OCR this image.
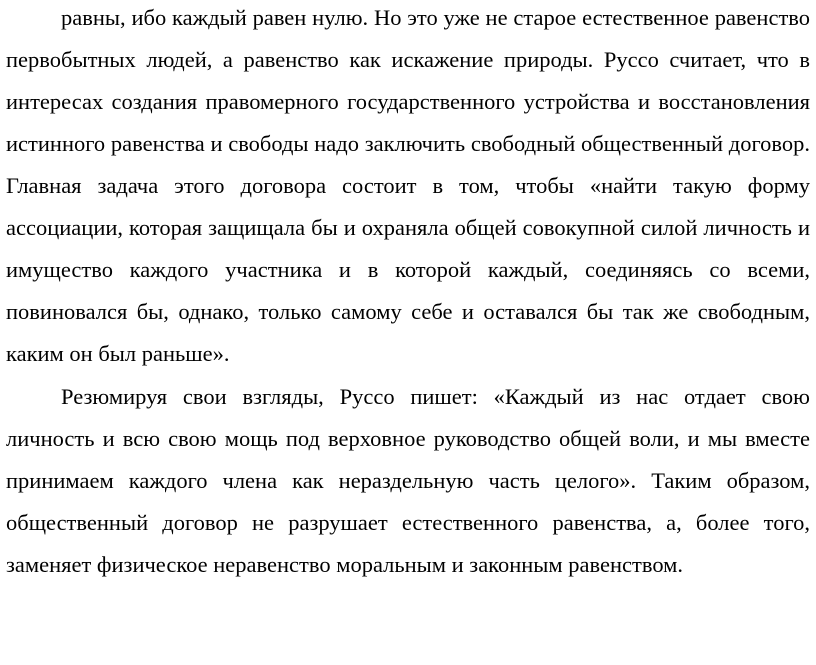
равны, ибо каждый равен нулю. Но это уже не старое естественное равенство первобытных людей, а равенство как искажение природы. Руссо считает, что в интересах создания правомерного государственного устройства и восстановления истинного равенства и свободы надо заключить свободный общественный договор. Главная задача этого договора состоит в том, чтобы «найти такую форму ассоциации, которая защищала бы и охраняла общей совокупной силой личность и имущество каждого участника и в которой каждый, соединяясь со всеми, повиновался бы, однако, только самому себе и оставался бы так же свободным, каким он был раньше».

Резюмируя свои взгляды, Руссо пишет: «Каждый из нас отдает свою личность и всю свою мощь под верховное руководство общей воли, и мы вместе принимаем каждого члена как нераздельную часть целого». Таким образом, общественный договор не разрушает естественного равенства, а, более того, заменяет физическое неравенство моральным и законным равенством.
